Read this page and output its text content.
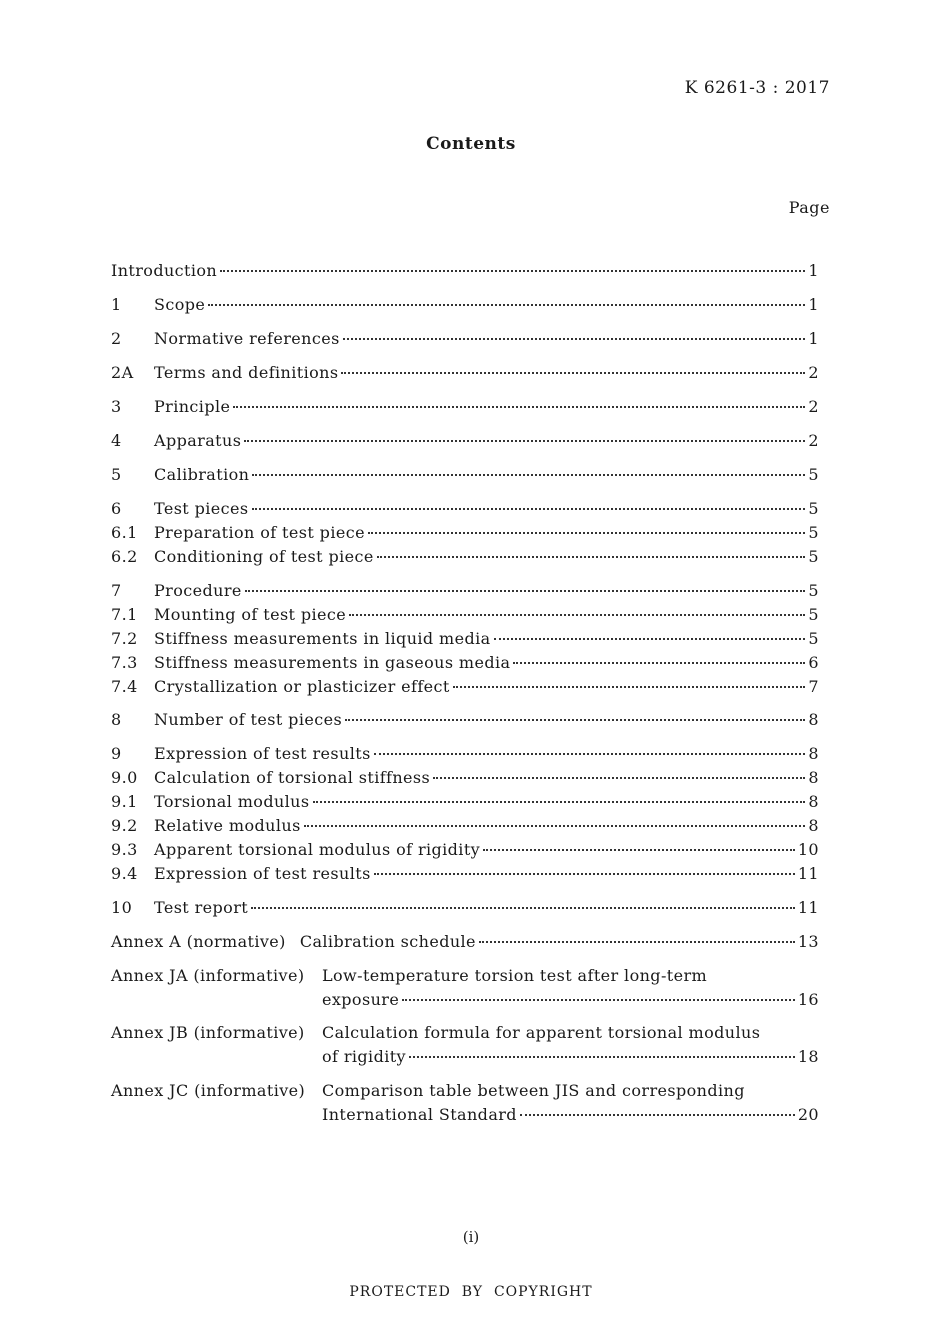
K 6261-3 : 2017
Contents
Page
Introduction	1
1	Scope	1
2	Normative references	1
2A	Terms and definitions	2
3	Principle	2
4	Apparatus	2
5	Calibration	5
6	Test pieces	5
6.1	Preparation of test piece	5
6.2	Conditioning of test piece	5
7	Procedure	5
7.1	Mounting of test piece	5
7.2	Stiffness measurements in liquid media	5
7.3	Stiffness measurements in gaseous media	6
7.4	Crystallization or plasticizer effect	7
8	Number of test pieces	8
9	Expression of test results	8
9.0	Calculation of torsional stiffness	8
9.1	Torsional modulus	8
9.2	Relative modulus	8
9.3	Apparent torsional modulus of rigidity	10
9.4	Expression of test results	11
10	Test report	11
Annex A (normative) Calibration schedule	13
Annex JA (informative) Low-temperature torsion test after long-term
exposure	16
Annex JB (informative) Calculation formula for apparent torsional modulus
of rigidity	18
Annex JC (informative) Comparison table between JIS and corresponding
International Standard	20
(i)
PROTECTED  BY  COPYRIGHT
